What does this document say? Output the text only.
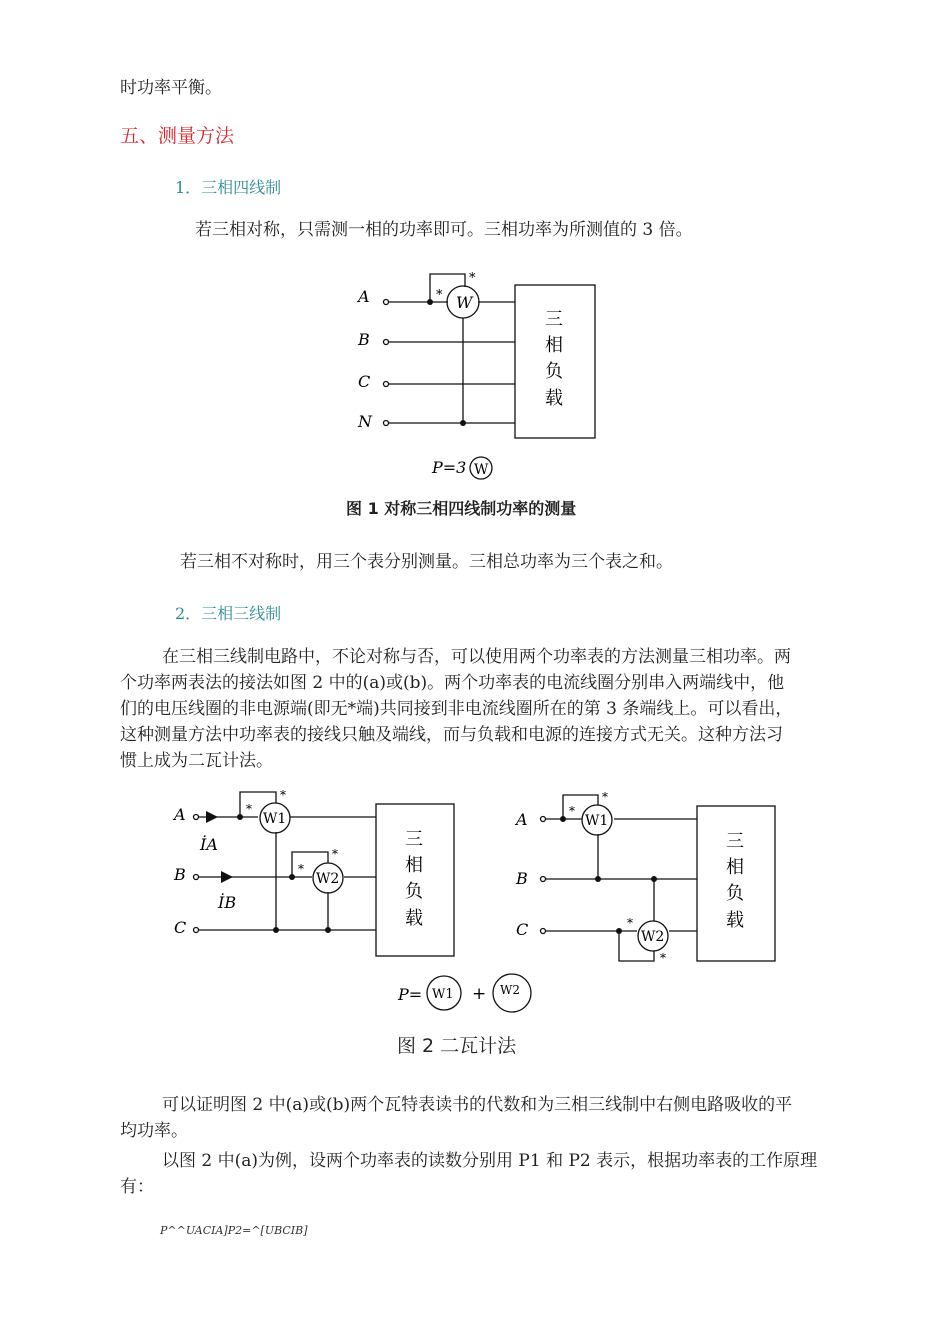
时功率平衡。
五、测量方法
1．三相四线制
若三相对称，只需测一相的功率即可。三相功率为所测值的 3 倍。
A
B
C
N
*
*
W
三
相
负
载
P=3 W
图 1 对称三相四线制功率的测量
若三相不对称时，用三个表分别测量。三相总功率为三个表之和。
2．三相三线制
在三相三线制电路中，不论对称与否，可以使用两个功率表的方法测量三相功率。两
个功率两表法的接法如图 2 中的(a)或(b)。两个功率表的电流线圈分别串入两端线中，他
们的电压线圈的非电源端(即无*端)共同接到非电流线圈所在的第 3 条端线上。可以看出，
这种测量方法中功率表的接线只触及端线，而与负载和电源的连接方式无关。这种方法习
惯上成为二瓦计法。
A
B
C
İA
İB
*
*
*
*
W1
W2
三
相
负
载
A
B
C
*
*
*
*
W1
W2
三
相
负
载
P= W1 + W2
图 2 二瓦计法
可以证明图 2 中(a)或(b)两个瓦特表读书的代数和为三相三线制中右侧电路吸收的平
均功率。
以图 2 中(a)为例，设两个功率表的读数分别用 P1 和 P2 表示，根据功率表的工作原理
有：
P^^UACIA]P2=^[UBCIB]
